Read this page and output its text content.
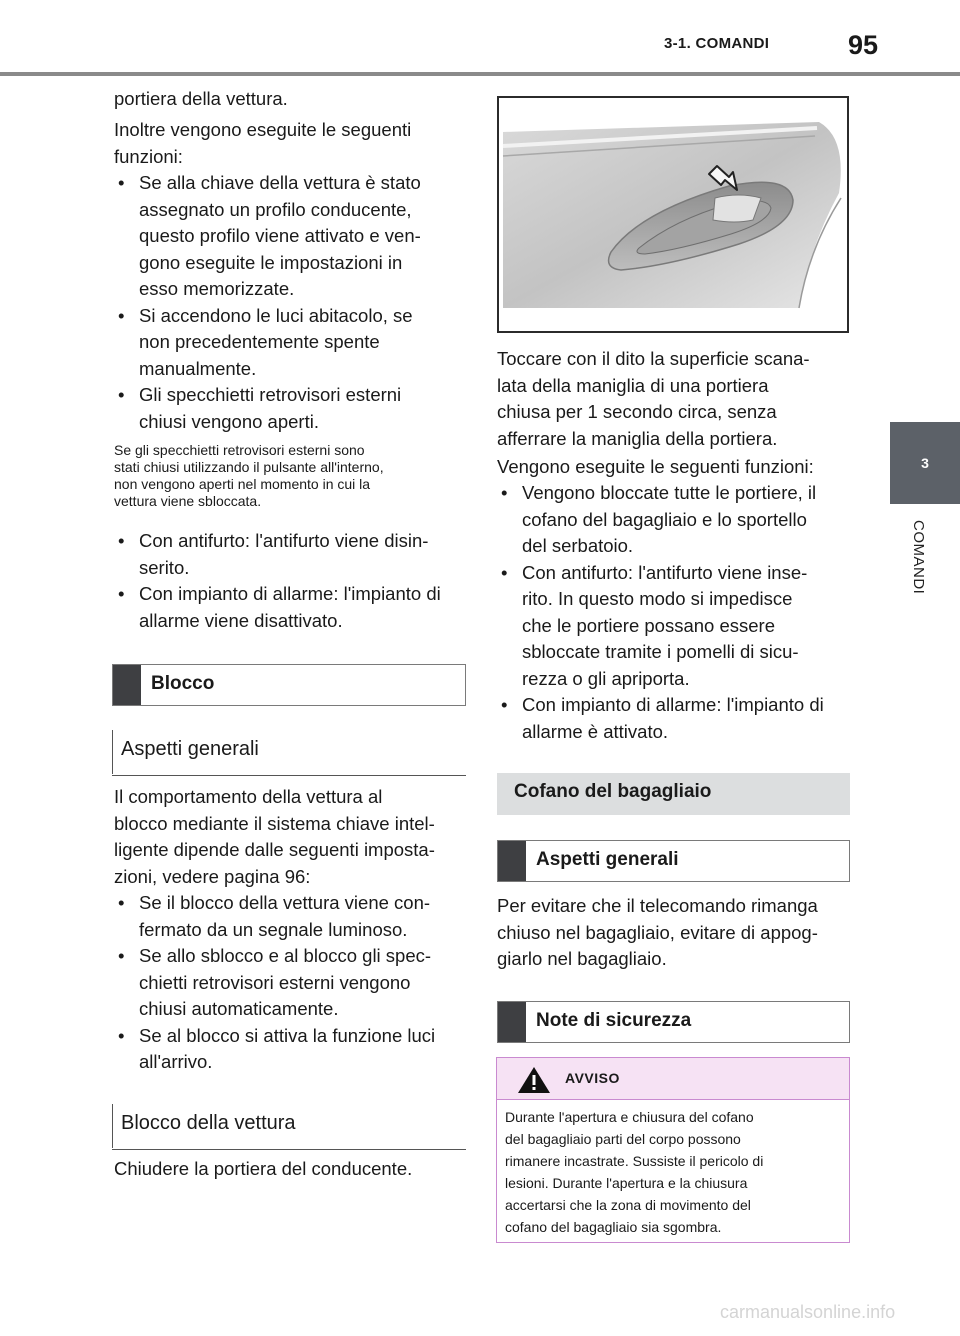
3-1. COMANDI	95
3
COMANDI
portiera della vettura.
Inoltre vengono eseguite le seguenti
funzioni:
• Se alla chiave della vettura è stato
assegnato un profilo conducente,
questo profilo viene attivato e ven-
gono eseguite le impostazioni in
esso memorizzate.
• Si accendono le luci abitacolo, se
non precedentemente spente
manualmente.
• Gli specchietti retrovisori esterni
chiusi vengono aperti.
Se gli specchietti retrovisori esterni sono
stati chiusi utilizzando il pulsante all'interno,
non vengono aperti nel momento in cui la
vettura viene sbloccata.
• Con antifurto: l'antifurto viene disin-
serito.
• Con impianto di allarme: l'impianto di
allarme viene disattivato.
Blocco
Aspetti generali
Il comportamento della vettura al
blocco mediante il sistema chiave intel-
ligente dipende dalle seguenti imposta-
zioni, vedere pagina 96:
• Se il blocco della vettura viene con-
fermato da un segnale luminoso.
• Se allo sblocco e al blocco gli spec-
chietti retrovisori esterni vengono
chiusi automaticamente.
• Se al blocco si attiva la funzione luci
all'arrivo.
Blocco della vettura
Chiudere la portiera del conducente.
Toccare con il dito la superficie scana-
lata della maniglia di una portiera
chiusa per 1 secondo circa, senza
afferrare la maniglia della portiera.
Vengono eseguite le seguenti funzioni:
• Vengono bloccate tutte le portiere, il
cofano del bagagliaio e lo sportello
del serbatoio.
• Con antifurto: l'antifurto viene inse-
rito. In questo modo si impedisce
che le portiere possano essere
sbloccate tramite i pomelli di sicu-
rezza o gli apriporta.
• Con impianto di allarme: l'impianto di
allarme è attivato.
Cofano del bagagliaio
Aspetti generali
Per evitare che il telecomando rimanga
chiuso nel bagagliaio, evitare di appog-
giarlo nel bagagliaio.
Note di sicurezza
AVVISO
Durante l'apertura e chiusura del cofano
del bagagliaio parti del corpo possono
rimanere incastrate. Sussiste il pericolo di
lesioni. Durante l'apertura e la chiusura
accertarsi che la zona di movimento del
cofano del bagagliaio sia sgombra.
carmanualsonline.info
